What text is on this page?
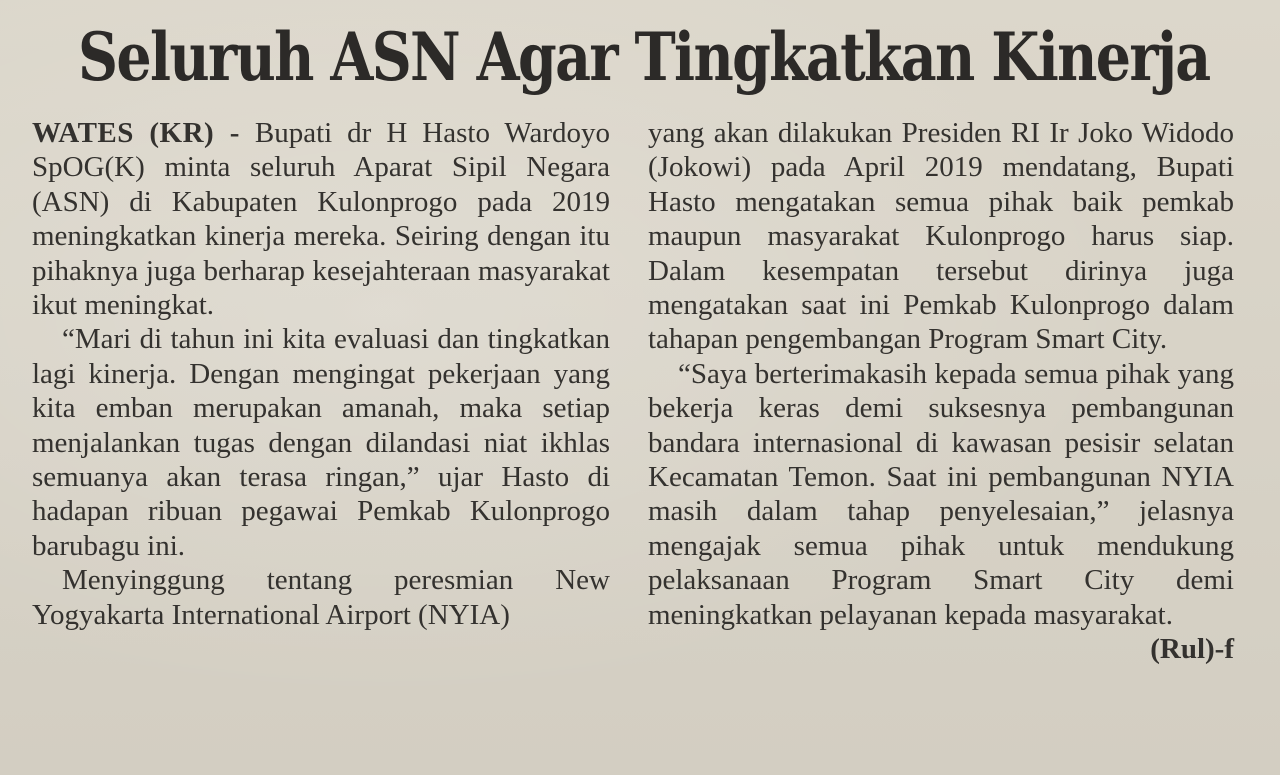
Seluruh ASN Agar Tingkatkan Kinerja

WATES (KR) - Bupati dr H Hasto Wardoyo SpOG(K) minta seluruh Aparat Sipil Negara (ASN) di Kabupaten Kulonprogo pada 2019 meningkatkan kinerja mereka. Seiring dengan itu pihaknya juga berharap kesejahteraan masyarakat ikut meningkat.

“Mari di tahun ini kita evaluasi dan tingkatkan lagi kinerja. Dengan mengingat pekerjaan yang kita emban merupakan amanah, maka setiap menjalankan tugas dengan dilandasi niat ikhlas semuanya akan terasa ringan,” ujar Hasto di hadapan ribuan pegawai Pemkab Kulonprogo barubagu ini.

Menyinggung tentang peresmian New Yogyakarta International Airport (NYIA)

yang akan dilakukan Presiden RI Ir Joko Widodo (Jokowi) pada April 2019 mendatang, Bupati Hasto mengatakan semua pihak baik pemkab maupun masyarakat Kulonprogo harus siap. Dalam kesempatan tersebut dirinya juga mengatakan saat ini Pemkab Kulonprogo dalam tahapan pengembangan Program Smart City.

“Saya berterimakasih kepada semua pihak yang bekerja keras demi suksesnya pembangunan bandara internasional di kawasan pesisir selatan Kecamatan Temon. Saat ini pembangunan NYIA masih dalam tahap penyelesaian,” jelasnya mengajak semua pihak untuk mendukung pelaksanaan Program Smart City demi meningkatkan pelayanan kepada masyarakat.
(Rul)-f
